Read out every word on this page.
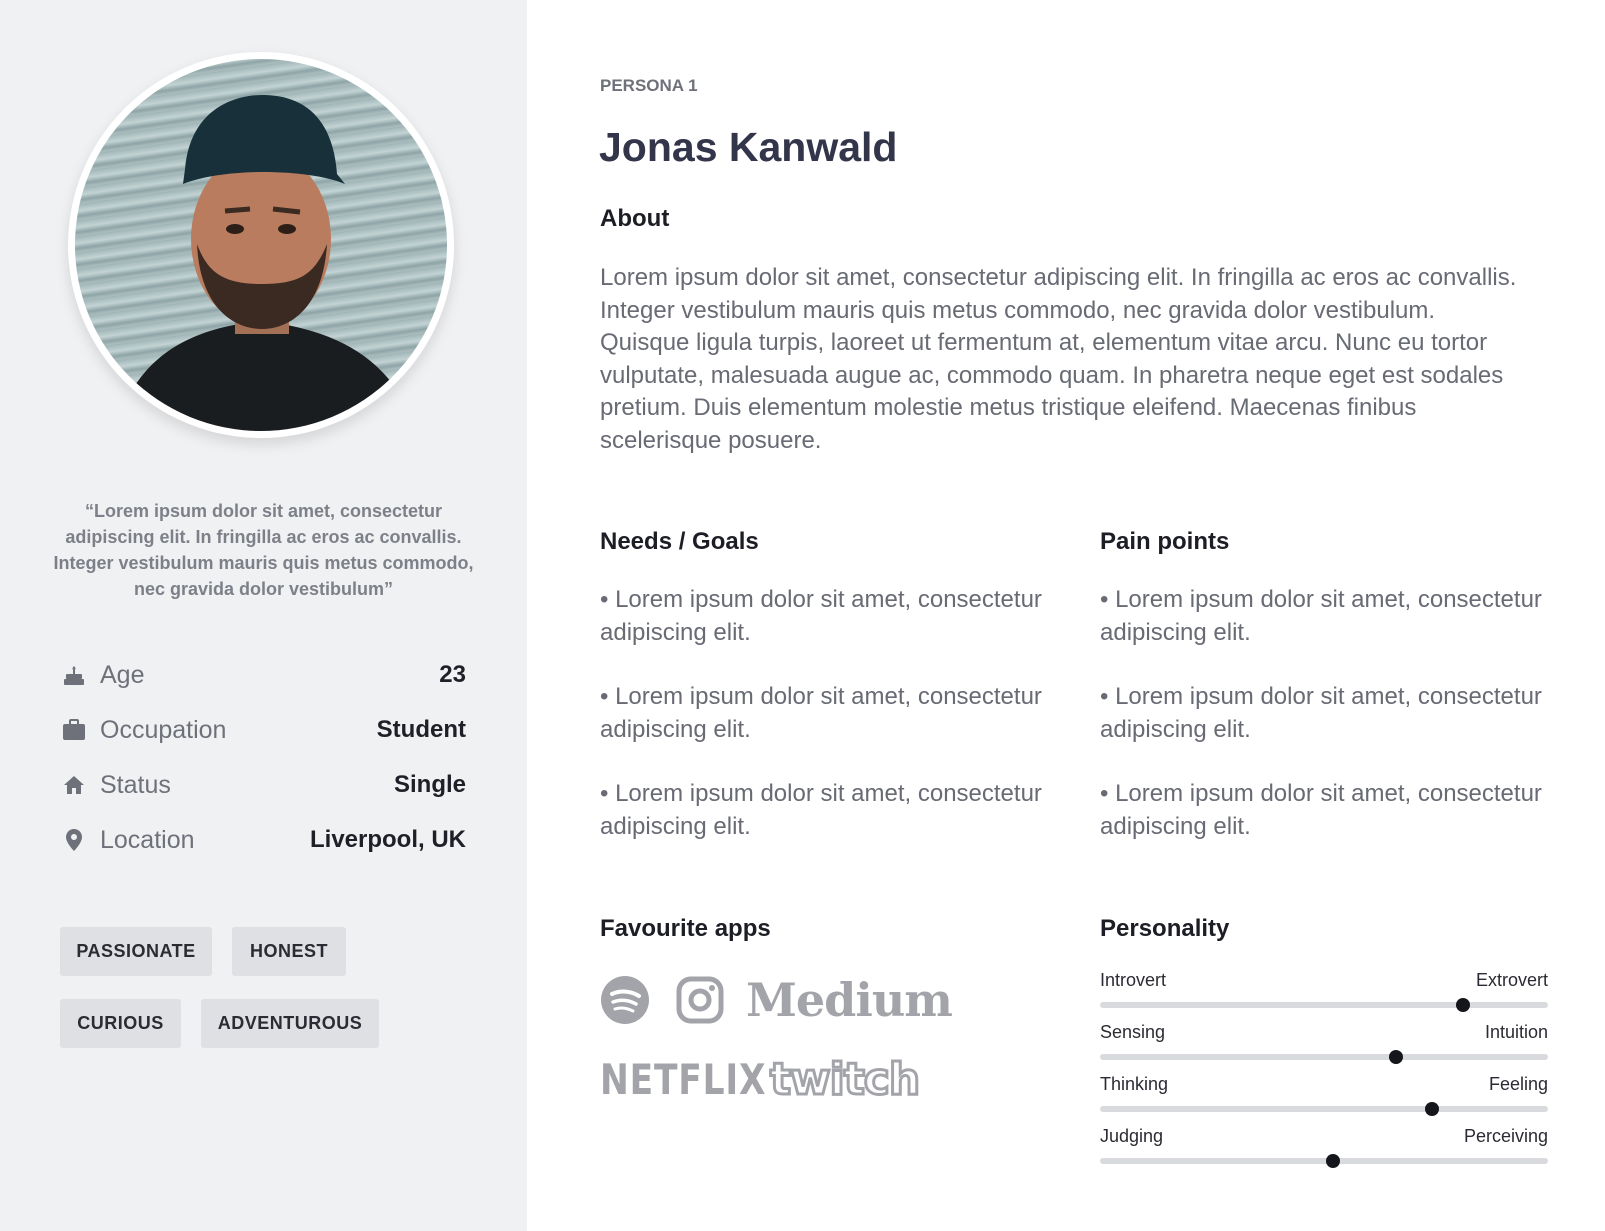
“Lorem ipsum dolor sit amet, consectetur adipiscing elit. In fringilla ac eros ac convallis. Integer vestibulum mauris quis metus commodo, nec gravida dolor vestibulum”
Age	23
Occupation	Student
Status	Single
Location	Liverpool, UK
PASSIONATE	HONEST
CURIOUS	ADVENTUROUS
PERSONA 1
Jonas Kanwald
About
Lorem ipsum dolor sit amet, consectetur adipiscing elit. In fringilla ac eros ac convallis. Integer vestibulum mauris quis metus commodo, nec gravida dolor vestibulum. Quisque ligula turpis, laoreet ut fermentum at, elementum vitae arcu. Nunc eu tortor vulputate, malesuada augue ac, commodo quam. In pharetra neque eget est sodales pretium. Duis elementum molestie metus tristique eleifend. Maecenas finibus scelerisque posuere.
Needs / Goals
• Lorem ipsum dolor sit amet, consectetur adipiscing elit.
• Lorem ipsum dolor sit amet, consectetur adipiscing elit.
• Lorem ipsum dolor sit amet, consectetur adipiscing elit.
Pain points
• Lorem ipsum dolor sit amet, consectetur adipiscing elit.
• Lorem ipsum dolor sit amet, consectetur adipiscing elit.
• Lorem ipsum dolor sit amet, consectetur adipiscing elit.
Favourite apps
Medium
NETFLIX twitch
Personality
Introvert	Extrovert
Sensing	Intuition
Thinking	Feeling
Judging	Perceiving
